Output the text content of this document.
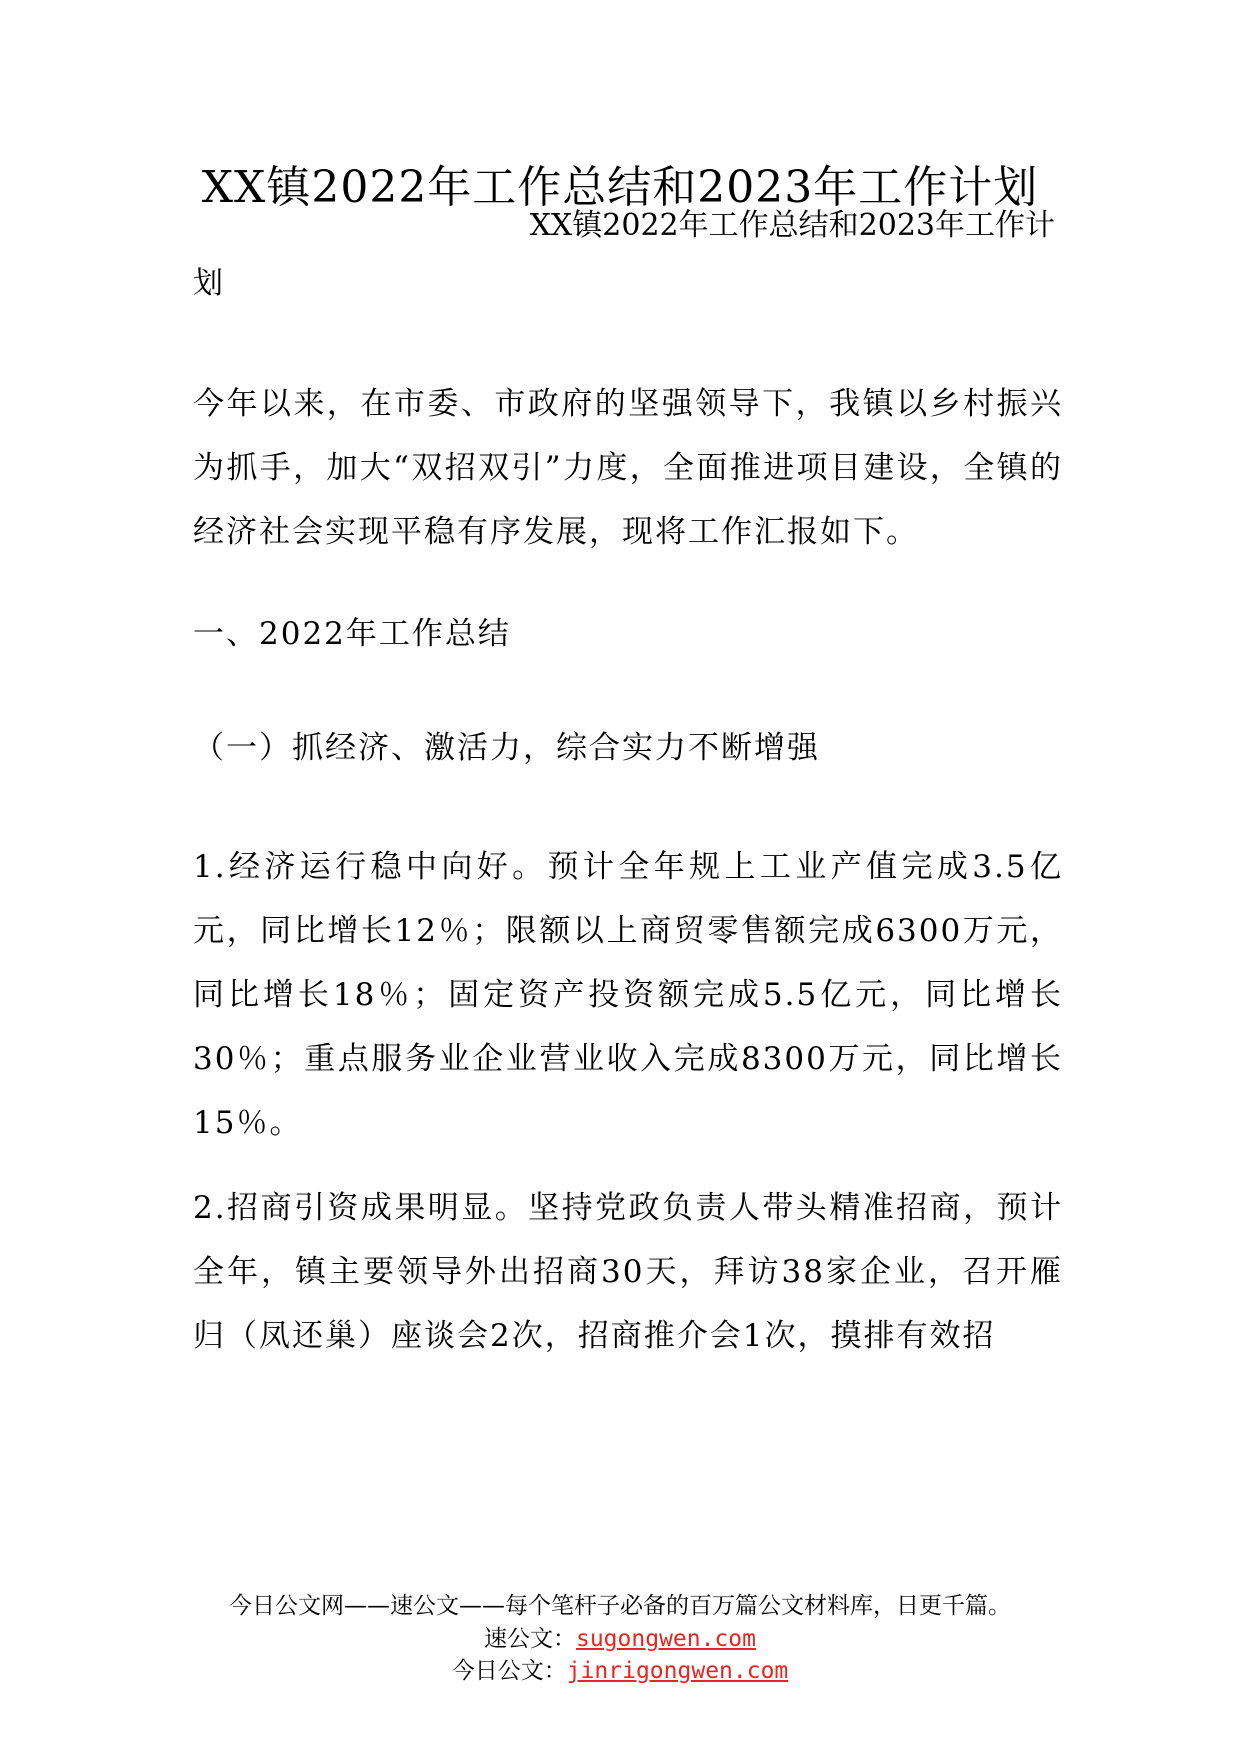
XX镇2022年工作总结和2023年工作计划

XX镇2022年工作总结和2023年工作计

划

今年以来，在市委、市政府的坚强领导下，我镇以乡村振兴为抓手，加大“双招双引”力度，全面推进项目建设，全镇的经济社会实现平稳有序发展，现将工作汇报如下。

一、2022年工作总结
（一）抓经济、激活力，综合实力不断增强

1.经济运行稳中向好。预计全年规上工业产值完成3.5亿元，同比增长12％；限额以上商贸零售额完成6300万元，同比增长18％；固定资产投资额完成5.5亿元，同比增长30％；重点服务业企业营业收入完成8300万元，同比增长15％。

2.招商引资成果明显。坚持党政负责人带头精准招商，预计全年，镇主要领导外出招商30天，拜访38家企业，召开雁归（凤还巢）座谈会2次，招商推介会1次，摸排有效招

今日公文网——速公文——每个笔杆子必备的百万篇公文材料库，日更千篇。
速公文：sugongwen.com
今日公文：jinrigongwen.com
